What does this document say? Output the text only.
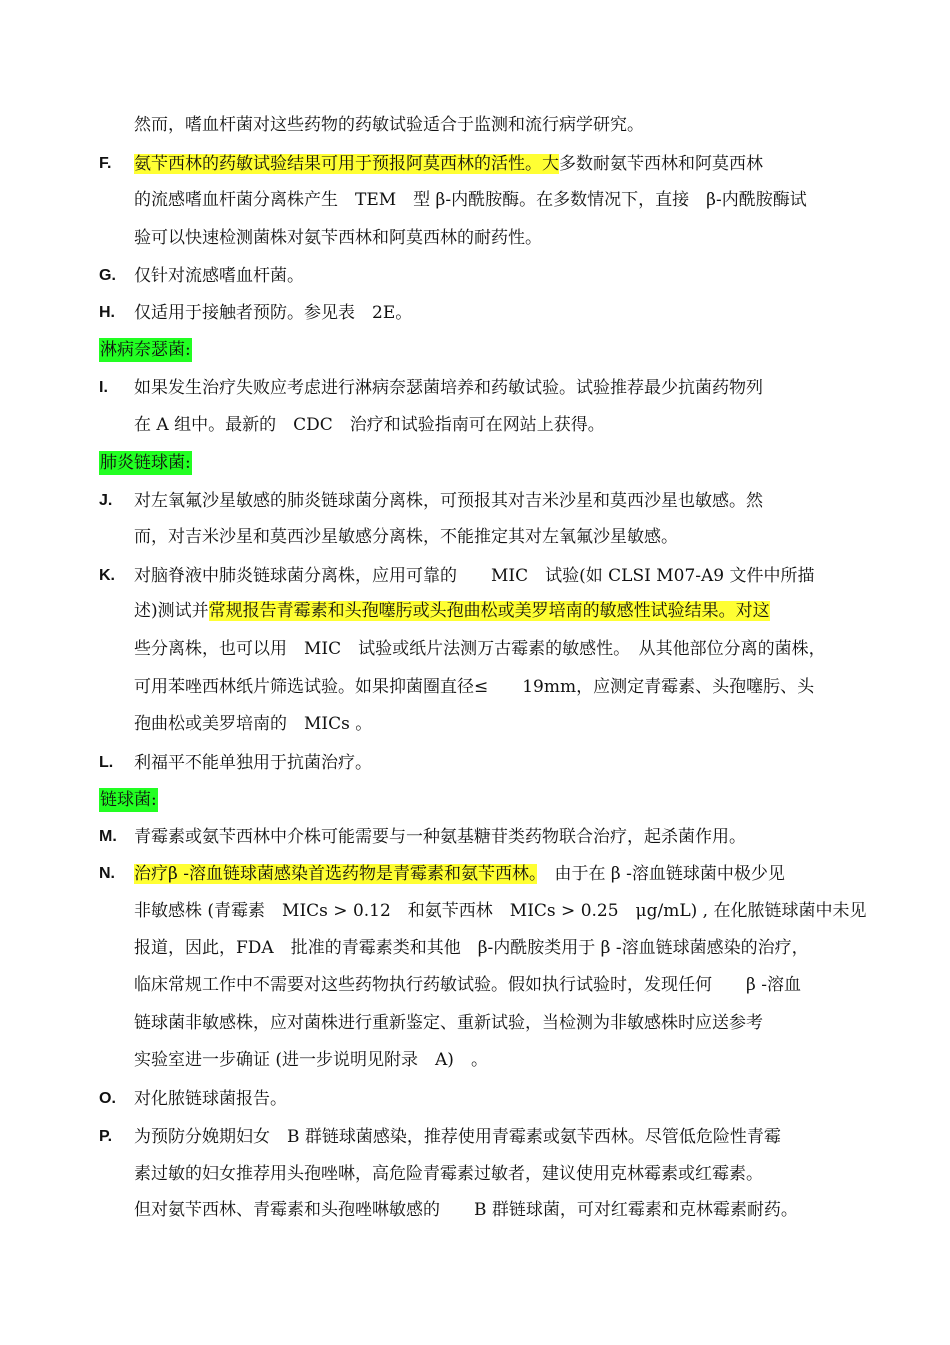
然而，嗜血杆菌对这些药物的药敏试验适合于监测和流行病学研究。
F. 氨苄西林的药敏试验结果可用于预报阿莫西林的活性。大多数耐氨苄西林和阿莫西林
的流感嗜血杆菌分离株产生　TEM　型 β-内酰胺酶。在多数情况下，直接　β-内酰胺酶试
验可以快速检测菌株对氨苄西林和阿莫西林的耐药性。
G. 仅针对流感嗜血杆菌。
H. 仅适用于接触者预防。参见表　2E。
淋病奈瑟菌:
I. 如果发生治疗失败应考虑进行淋病奈瑟菌培养和药敏试验。试验推荐最少抗菌药物列
在 A 组中。最新的　CDC　治疗和试验指南可在网站上获得。
肺炎链球菌:
J. 对左氧氟沙星敏感的肺炎链球菌分离株，可预报其对吉米沙星和莫西沙星也敏感。然
而，对吉米沙星和莫西沙星敏感分离株，不能推定其对左氧氟沙星敏感。
K. 对脑脊液中肺炎链球菌分离株，应用可靠的　　MIC　试验(如 CLSI M07-A9 文件中所描
述)测试并常规报告青霉素和头孢噻肟或头孢曲松或美罗培南的敏感性试验结果。对这
些分离株，也可以用　MIC　试验或纸片法测万古霉素的敏感性。　从其他部位分离的菌株，
可用苯唑西林纸片筛选试验。如果抑菌圈直径≤　　19mm，应测定青霉素、头孢噻肟、头
孢曲松或美罗培南的　MICs 。
L. 利福平不能单独用于抗菌治疗。
链球菌:
M. 青霉素或氨苄西林中介株可能需要与一种氨基糖苷类药物联合治疗，起杀菌作用。
N. 治疗β -溶血链球菌感染首选药物是青霉素和氨苄西林。　由于在 β -溶血链球菌中极少见
非敏感株 (青霉素　MICs > 0.12　和氨苄西林　MICs > 0.25　μg/mL) , 在化脓链球菌中未见
报道，因此，FDA　批准的青霉素类和其他　β-内酰胺类用于 β -溶血链球菌感染的治疗，
临床常规工作中不需要对这些药物执行药敏试验。假如执行试验时，发现任何　　β -溶血
链球菌非敏感株，应对菌株进行重新鉴定、重新试验，当检测为非敏感株时应送参考
实验室进一步确证 (进一步说明见附录　A)　。
O. 对化脓链球菌报告。
P. 为预防分娩期妇女　B 群链球菌感染，推荐使用青霉素或氨苄西林。尽管低危险性青霉
素过敏的妇女推荐用头孢唑啉，高危险青霉素过敏者，建议使用克林霉素或红霉素。
但对氨苄西林、青霉素和头孢唑啉敏感的　　B 群链球菌，可对红霉素和克林霉素耐药。
